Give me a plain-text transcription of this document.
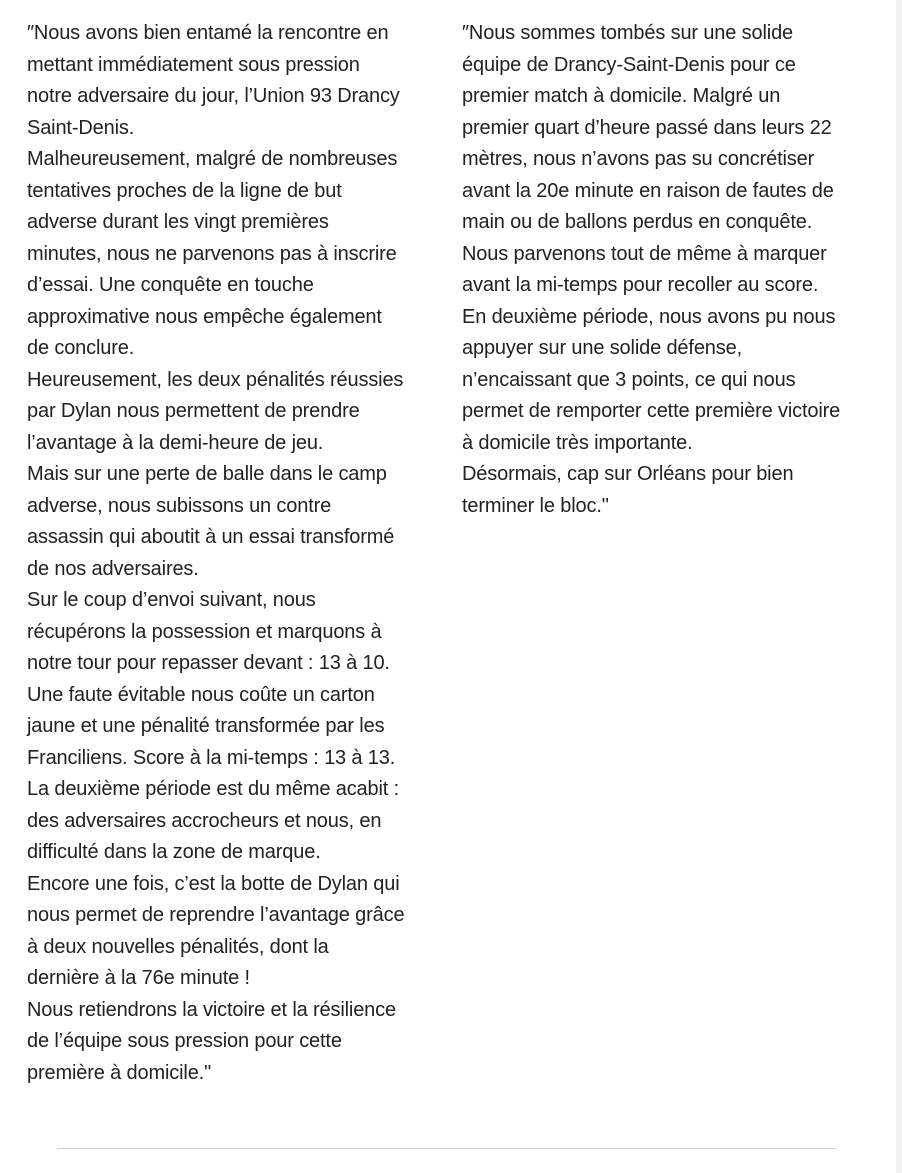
″Nous avons bien entamé la rencontre en
mettant immédiatement sous pression
notre adversaire du jour, l’Union 93 Drancy
Saint-Denis.

Malheureusement, malgré de nombreuses
tentatives proches de la ligne de but
adverse durant les vingt premières
minutes, nous ne parvenons pas à inscrire
d’essai. Une conquête en touche
approximative nous empêche également
de conclure.

Heureusement, les deux pénalités réussies
par Dylan nous permettent de prendre
l’avantage à la demi-heure de jeu.

Mais sur une perte de balle dans le camp
adverse, nous subissons un contre
assassin qui aboutit à un essai transformé
de nos adversaires.

Sur le coup d’envoi suivant, nous
récupérons la possession et marquons à
notre tour pour repasser devant : 13 à 10.

Une faute évitable nous coûte un carton
jaune et une pénalité transformée par les
Franciliens. Score à la mi-temps : 13 à 13.

La deuxième période est du même acabit :
des adversaires accrocheurs et nous, en
difficulté dans la zone de marque.

Encore une fois, c’est la botte de Dylan qui
nous permet de reprendre l’avantage grâce
à deux nouvelles pénalités, dont la
dernière à la 76e minute !

Nous retiendrons la victoire et la résilience
de l’équipe sous pression pour cette
première à domicile."

″Nous sommes tombés sur une solide
équipe de Drancy-Saint-Denis pour ce
premier match à domicile. Malgré un
premier quart d’heure passé dans leurs 22
mètres, nous n’avons pas su concrétiser
avant la 20e minute en raison de fautes de
main ou de ballons perdus en conquête.

Nous parvenons tout de même à marquer
avant la mi-temps pour recoller au score.

En deuxième période, nous avons pu nous
appuyer sur une solide défense,
n’encaissant que 3 points, ce qui nous
permet de remporter cette première victoire
à domicile très importante.

Désormais, cap sur Orléans pour bien
terminer le bloc."
